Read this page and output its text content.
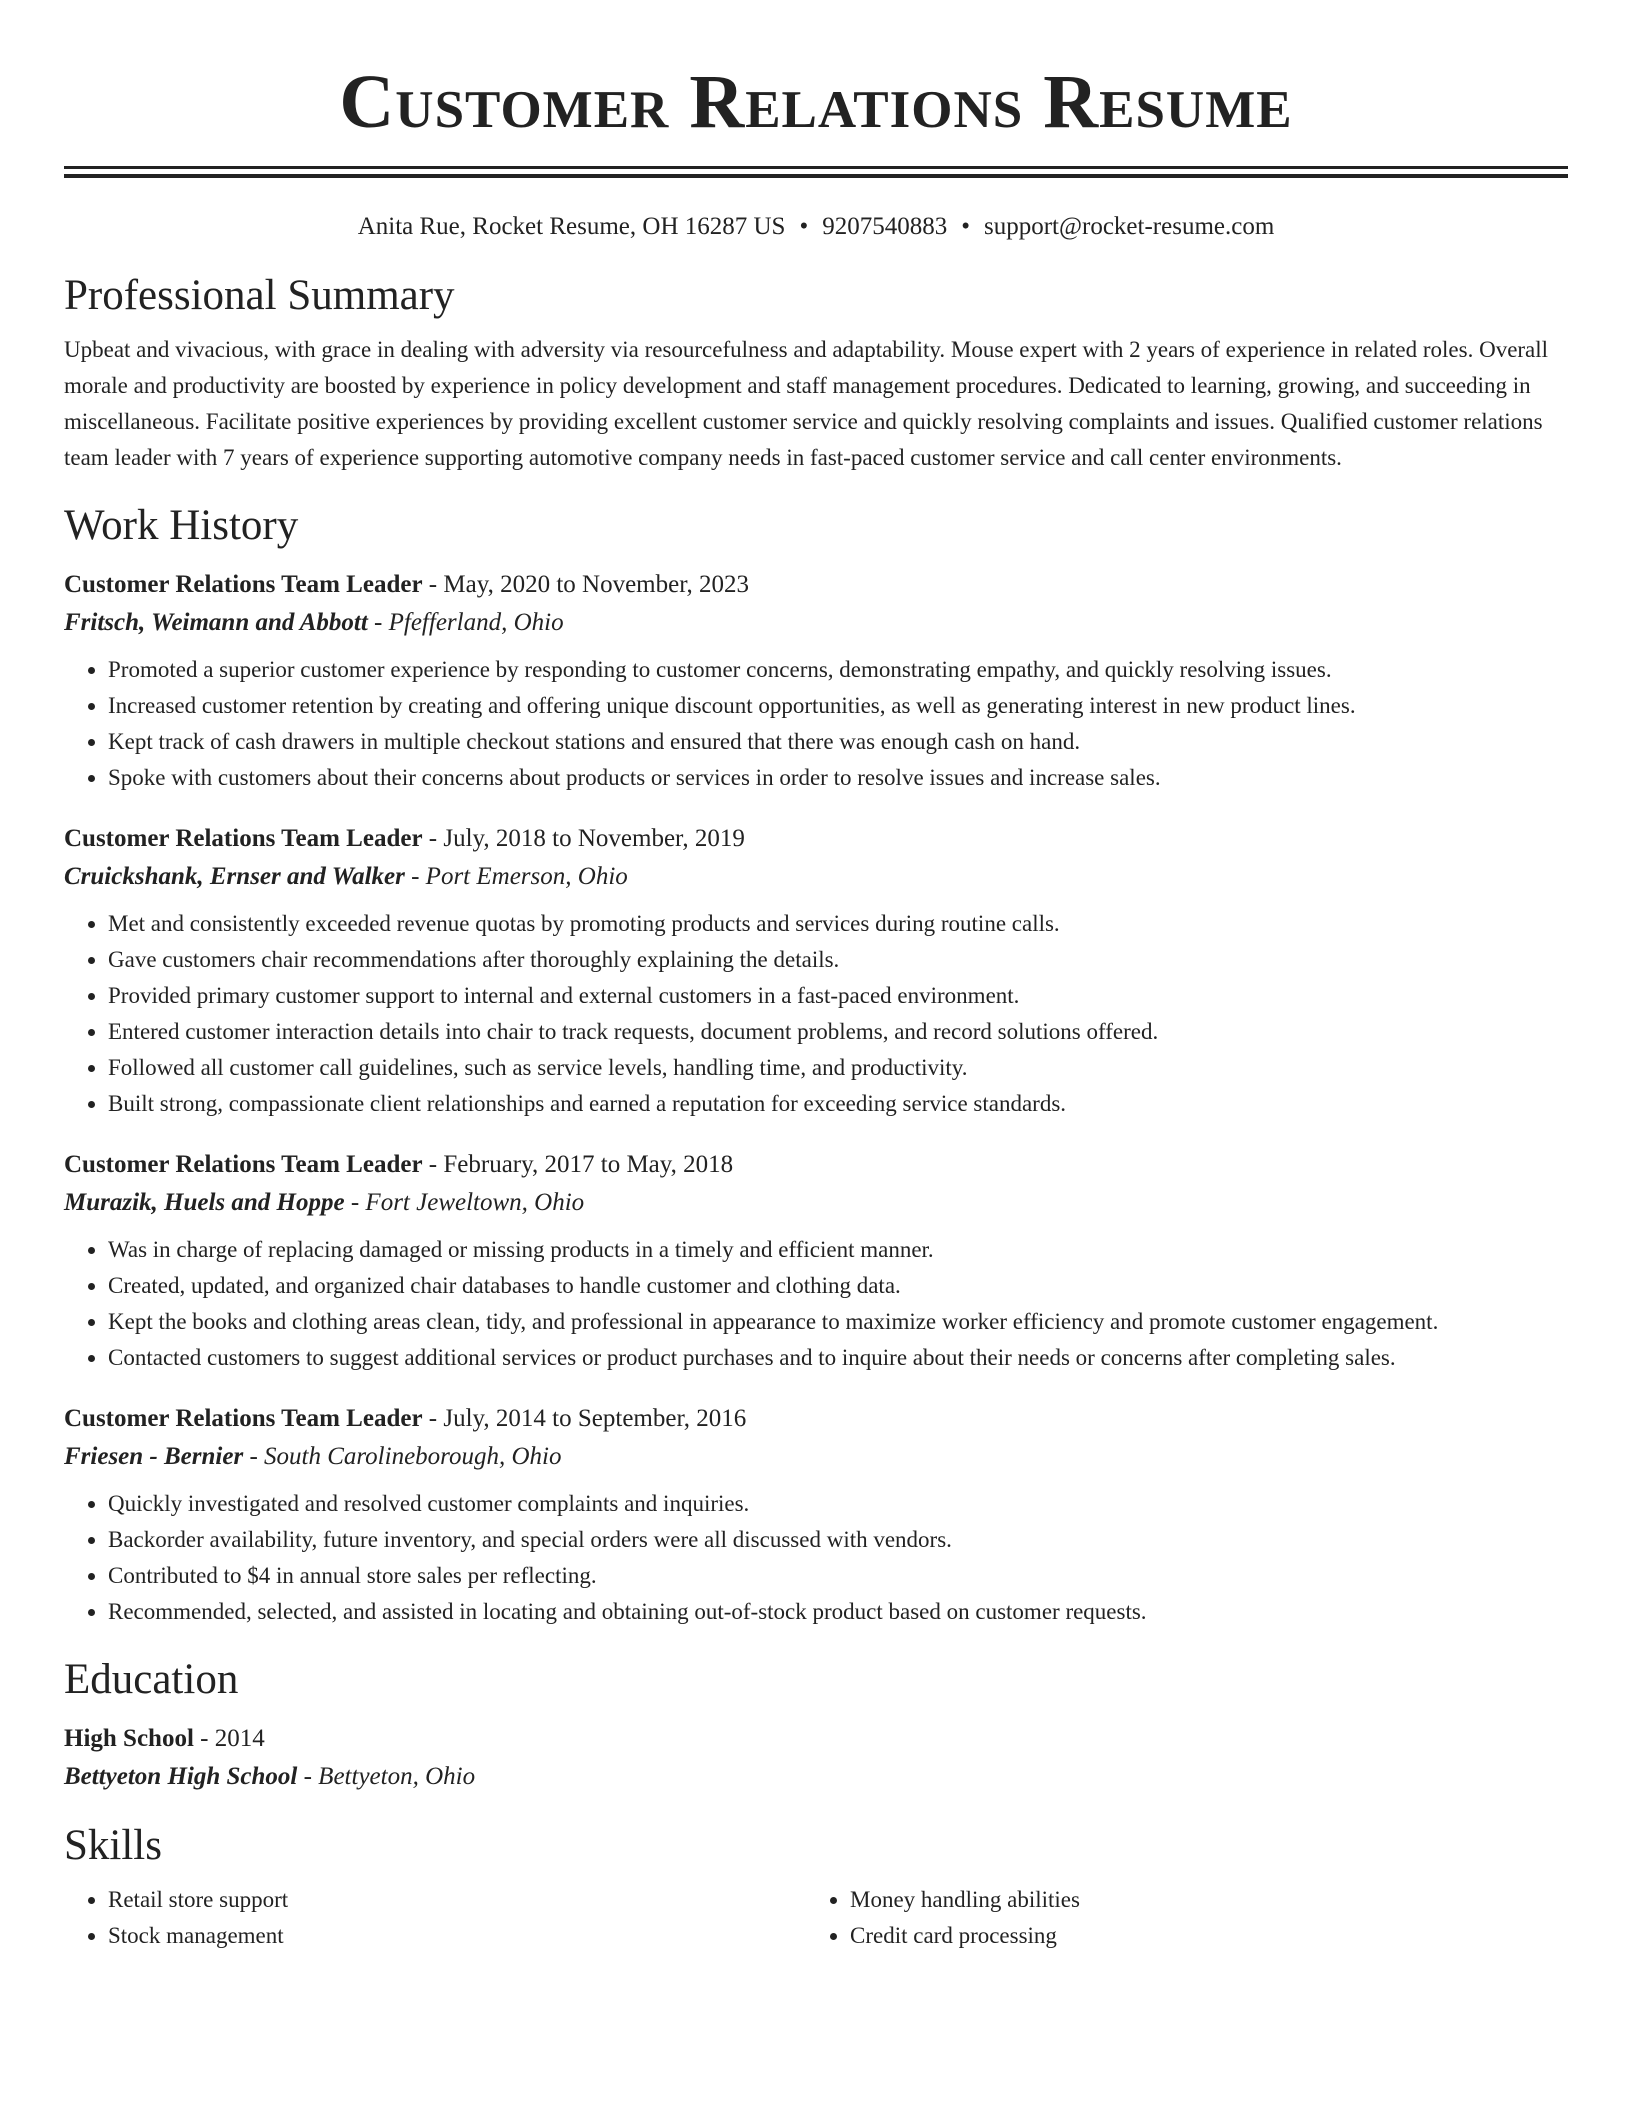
Customer Relations Resume
Anita Rue, Rocket Resume, OH 16287 US • 9207540883 • support@rocket-resume.com
Professional Summary
Upbeat and vivacious, with grace in dealing with adversity via resourcefulness and adaptability. Mouse expert with 2 years of experience in related roles. Overall morale and productivity are boosted by experience in policy development and staff management procedures. Dedicated to learning, growing, and succeeding in miscellaneous. Facilitate positive experiences by providing excellent customer service and quickly resolving complaints and issues. Qualified customer relations team leader with 7 years of experience supporting automotive company needs in fast-paced customer service and call center environments.
Work History
Customer Relations Team Leader - May, 2020 to November, 2023
Fritsch, Weimann and Abbott - Pfefferland, Ohio
• Promoted a superior customer experience by responding to customer concerns, demonstrating empathy, and quickly resolving issues.
• Increased customer retention by creating and offering unique discount opportunities, as well as generating interest in new product lines.
• Kept track of cash drawers in multiple checkout stations and ensured that there was enough cash on hand.
• Spoke with customers about their concerns about products or services in order to resolve issues and increase sales.
Customer Relations Team Leader - July, 2018 to November, 2019
Cruickshank, Ernser and Walker - Port Emerson, Ohio
• Met and consistently exceeded revenue quotas by promoting products and services during routine calls.
• Gave customers chair recommendations after thoroughly explaining the details.
• Provided primary customer support to internal and external customers in a fast-paced environment.
• Entered customer interaction details into chair to track requests, document problems, and record solutions offered.
• Followed all customer call guidelines, such as service levels, handling time, and productivity.
• Built strong, compassionate client relationships and earned a reputation for exceeding service standards.
Customer Relations Team Leader - February, 2017 to May, 2018
Murazik, Huels and Hoppe - Fort Jeweltown, Ohio
• Was in charge of replacing damaged or missing products in a timely and efficient manner.
• Created, updated, and organized chair databases to handle customer and clothing data.
• Kept the books and clothing areas clean, tidy, and professional in appearance to maximize worker efficiency and promote customer engagement.
• Contacted customers to suggest additional services or product purchases and to inquire about their needs or concerns after completing sales.
Customer Relations Team Leader - July, 2014 to September, 2016
Friesen - Bernier - South Carolineborough, Ohio
• Quickly investigated and resolved customer complaints and inquiries.
• Backorder availability, future inventory, and special orders were all discussed with vendors.
• Contributed to $4 in annual store sales per reflecting.
• Recommended, selected, and assisted in locating and obtaining out-of-stock product based on customer requests.
Education
High School - 2014
Bettyeton High School - Bettyeton, Ohio
Skills
• Retail store support
• Stock management
• Money handling abilities
• Credit card processing
